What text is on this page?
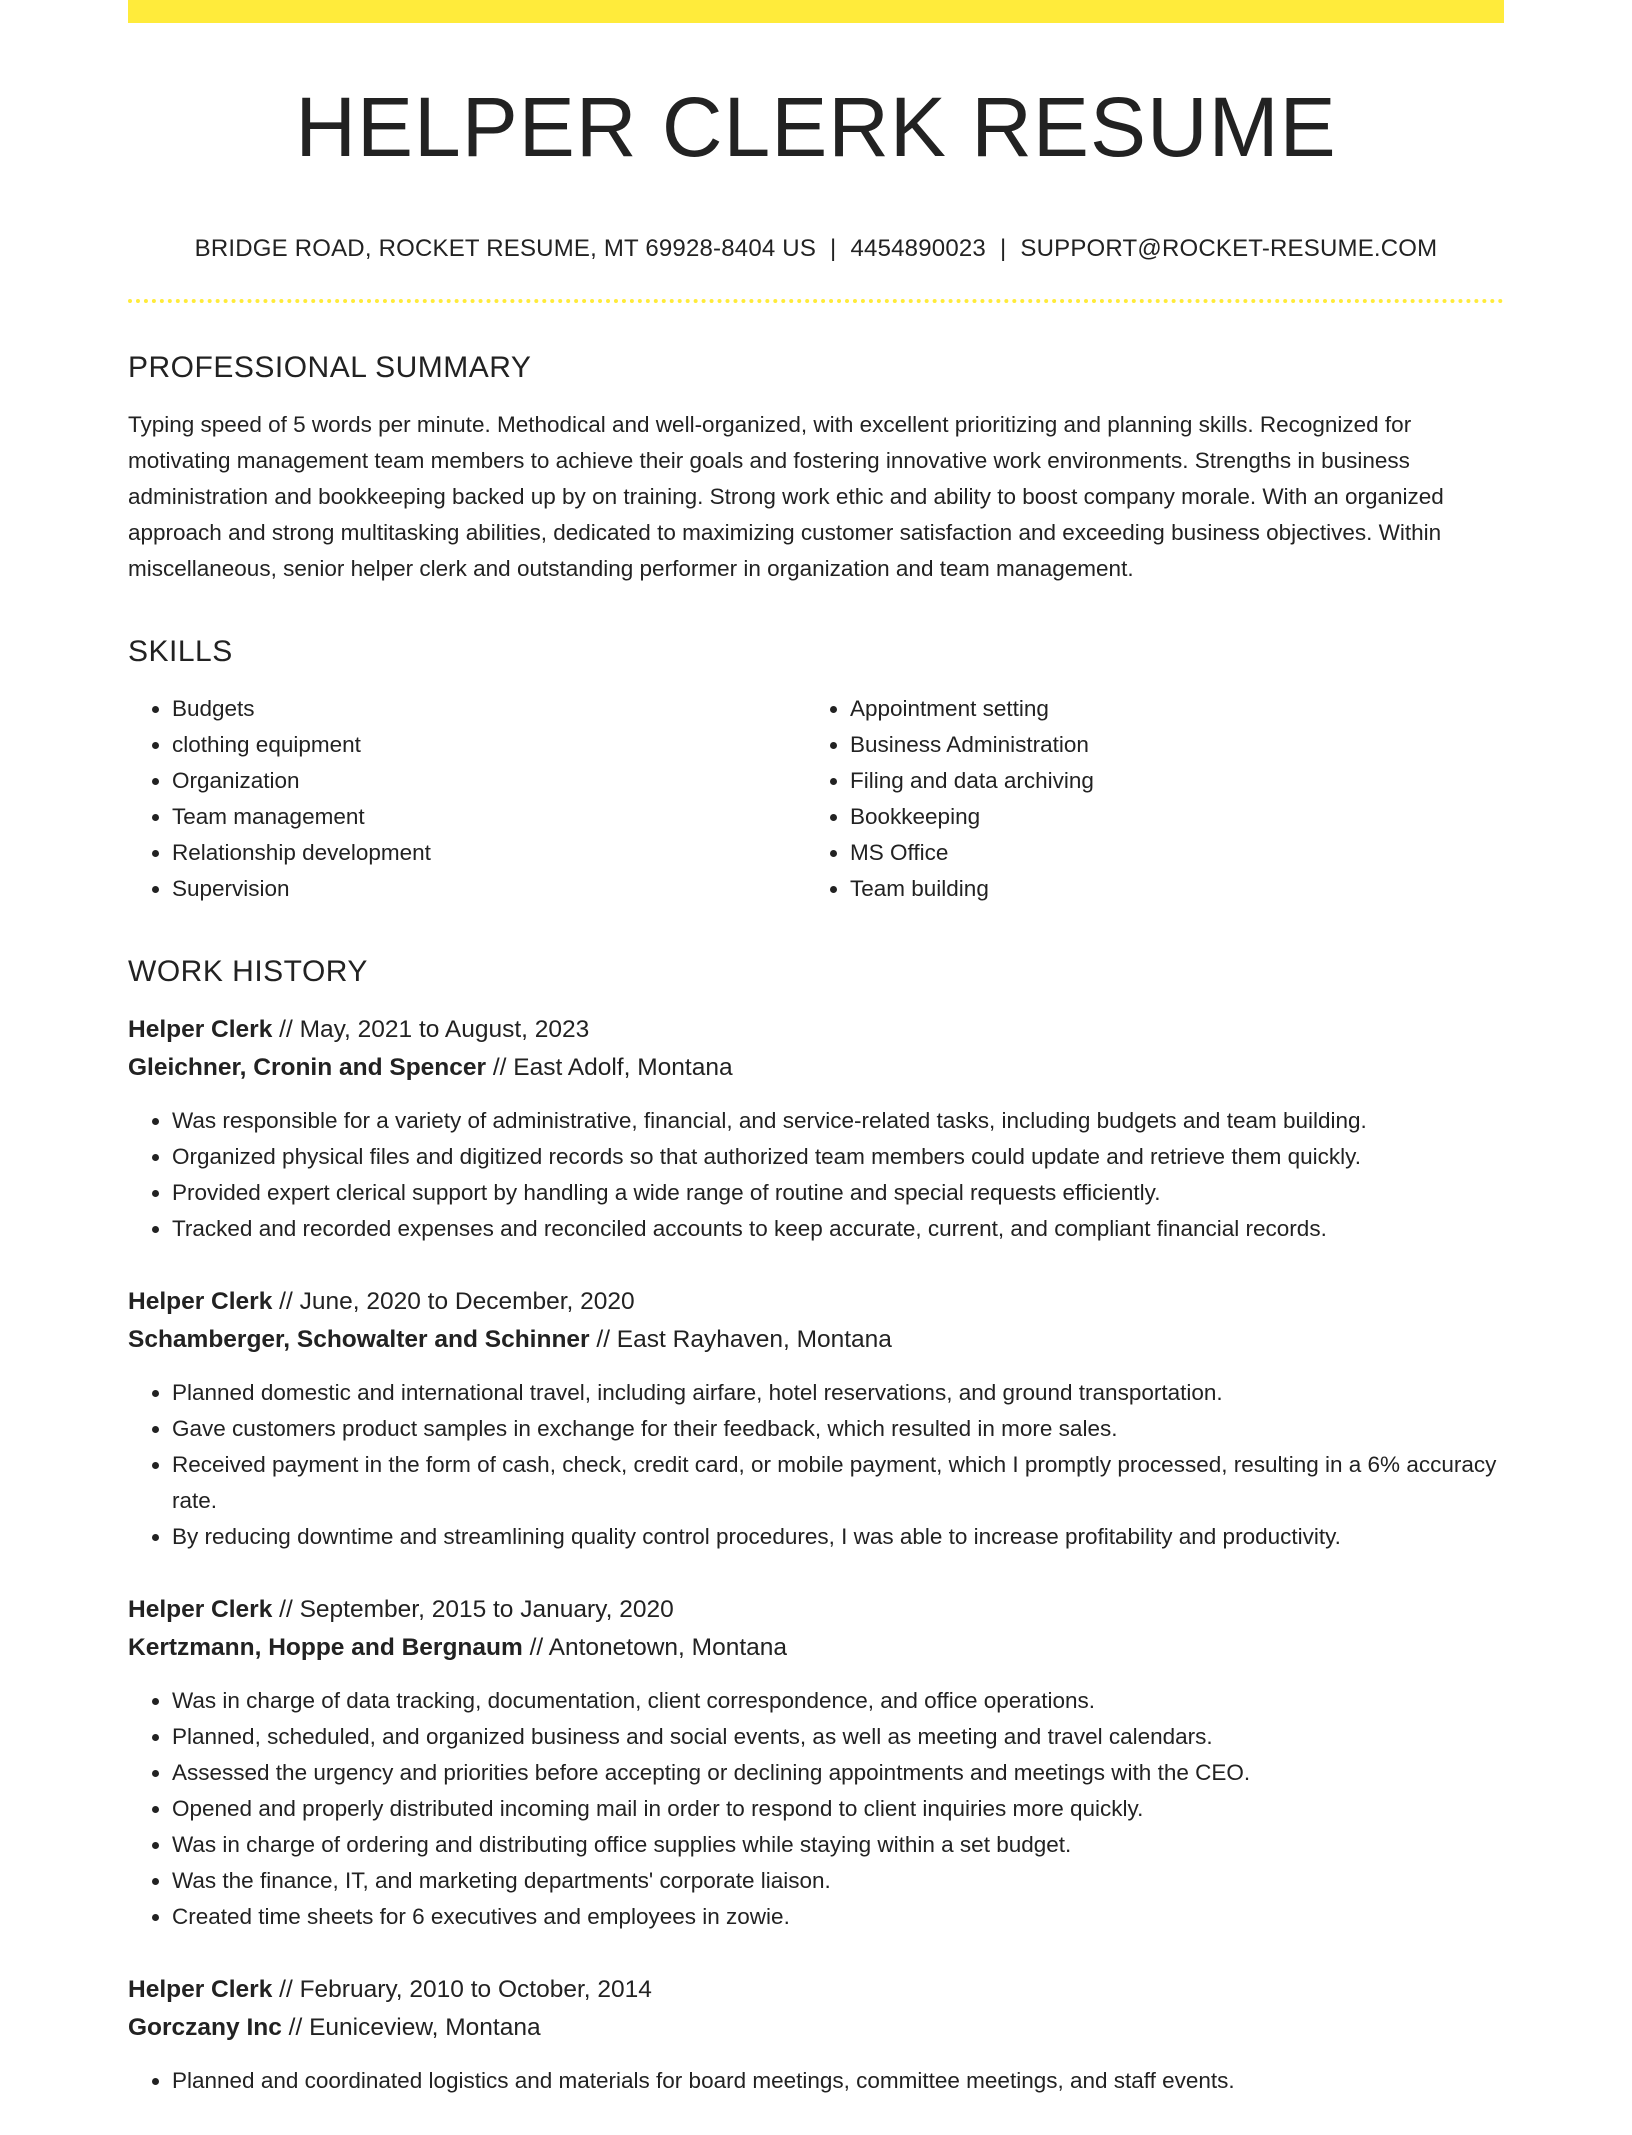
HELPER CLERK RESUME
BRIDGE ROAD, ROCKET RESUME, MT 69928-8404 US | 4454890023 | SUPPORT@ROCKET-RESUME.COM
PROFESSIONAL SUMMARY

Typing speed of 5 words per minute. Methodical and well-organized, with excellent prioritizing and planning skills. Recognized for motivating management team members to achieve their goals and fostering innovative work environments. Strengths in business administration and bookkeeping backed up by on training. Strong work ethic and ability to boost company morale. With an organized approach and strong multitasking abilities, dedicated to maximizing customer satisfaction and exceeding business objectives. Within miscellaneous, senior helper clerk and outstanding performer in organization and team management.

SKILLS
• Budgets
• clothing equipment
• Organization
• Team management
• Relationship development
• Supervision
• Appointment setting
• Business Administration
• Filing and data archiving
• Bookkeeping
• MS Office
• Team building
WORK HISTORY

Helper Clerk // May, 2021 to August, 2023

Gleichner, Cronin and Spencer // East Adolf, Montana

• Was responsible for a variety of administrative, financial, and service-related tasks, including budgets and team building.
• Organized physical files and digitized records so that authorized team members could update and retrieve them quickly.
• Provided expert clerical support by handling a wide range of routine and special requests efficiently.
• Tracked and recorded expenses and reconciled accounts to keep accurate, current, and compliant financial records.

Helper Clerk // June, 2020 to December, 2020

Schamberger, Schowalter and Schinner // East Rayhaven, Montana

• Planned domestic and international travel, including airfare, hotel reservations, and ground transportation.
• Gave customers product samples in exchange for their feedback, which resulted in more sales.
• Received payment in the form of cash, check, credit card, or mobile payment, which I promptly processed, resulting in a 6% accuracy rate.
• By reducing downtime and streamlining quality control procedures, I was able to increase profitability and productivity.

Helper Clerk // September, 2015 to January, 2020

Kertzmann, Hoppe and Bergnaum // Antonetown, Montana

• Was in charge of data tracking, documentation, client correspondence, and office operations.
• Planned, scheduled, and organized business and social events, as well as meeting and travel calendars.
• Assessed the urgency and priorities before accepting or declining appointments and meetings with the CEO.
• Opened and properly distributed incoming mail in order to respond to client inquiries more quickly.
• Was in charge of ordering and distributing office supplies while staying within a set budget.
• Was the finance, IT, and marketing departments' corporate liaison.
• Created time sheets for 6 executives and employees in zowie.

Helper Clerk // February, 2010 to October, 2014

Gorczany Inc // Euniceview, Montana

• Planned and coordinated logistics and materials for board meetings, committee meetings, and staff events.
